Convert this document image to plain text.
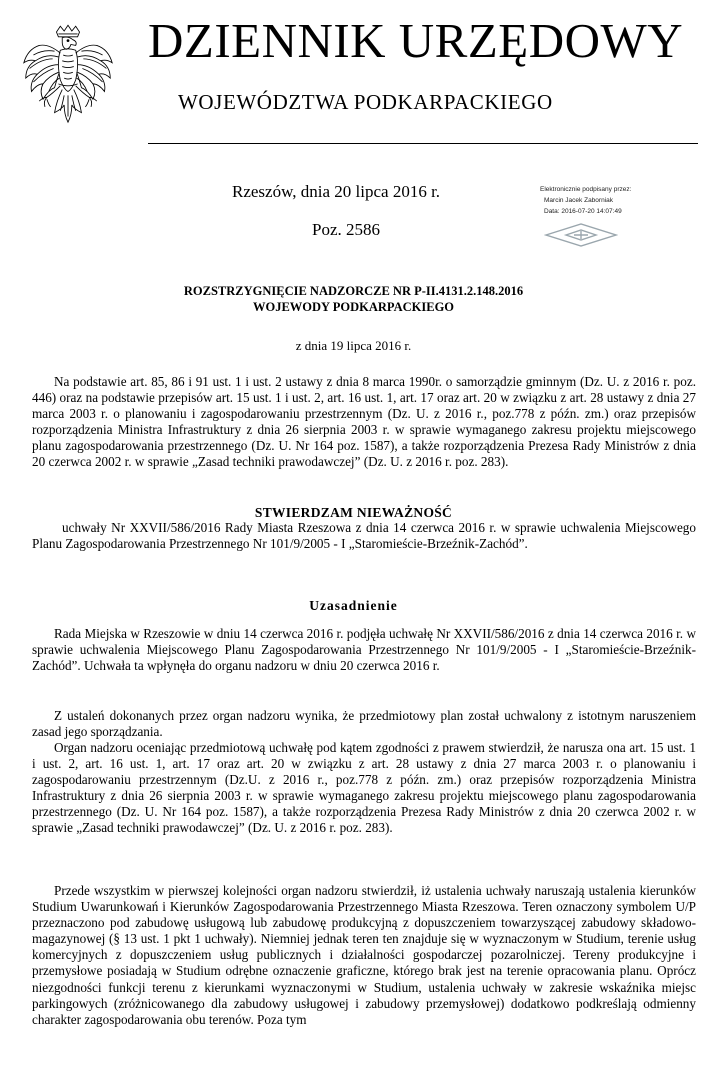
DZIENNIK URZĘDOWY
WOJEWÓDZTWA PODKARPACKIEGO
Rzeszów, dnia 20 lipca 2016 r.
Poz. 2586
Elektronicznie podpisany przez:
Marcin Jacek Zaborniak
Data: 2016-07-20 14:07:49
ROZSTRZYGNIĘCIE NADZORCZE NR P-II.4131.2.148.2016
WOJEWODY PODKARPACKIEGO
z dnia 19 lipca 2016 r.

Na podstawie art. 85, 86 i 91 ust. 1 i ust. 2 ustawy z dnia 8 marca 1990r. o samorządzie gminnym (Dz. U. z 2016 r. poz. 446) oraz na podstawie przepisów art. 15 ust. 1 i ust. 2, art. 16 ust. 1, art. 17 oraz art. 20 w związku z art. 28 ustawy z dnia 27 marca 2003 r. o planowaniu i zagospodarowaniu przestrzennym (Dz. U. z 2016 r., poz.778 z późn. zm.) oraz przepisów rozporządzenia Ministra Infrastruktury z dnia 26 sierpnia 2003 r. w sprawie wymaganego zakresu projektu miejscowego planu zagospodarowania przestrzennego (Dz. U. Nr 164 poz. 1587), a także rozporządzenia Prezesa Rady Ministrów z dnia 20 czerwca 2002 r. w sprawie „Zasad techniki prawodawczej” (Dz. U. z 2016 r. poz. 283).

STWIERDZAM NIEWAŻNOŚĆ

uchwały Nr XXVII/586/2016 Rady Miasta Rzeszowa z dnia 14 czerwca 2016 r. w sprawie uchwalenia Miejscowego Planu Zagospodarowania Przestrzennego Nr 101/9/2005 - I „Staromieście-Brzeźnik-Zachód”.

Uzasadnienie

Rada Miejska w Rzeszowie w dniu 14 czerwca 2016 r. podjęła uchwałę Nr XXVII/586/2016 z dnia 14 czerwca 2016 r. w sprawie uchwalenia Miejscowego Planu Zagospodarowania Przestrzennego Nr 101/9/2005 - I „Staromieście-Brzeźnik-Zachód”. Uchwała ta wpłynęła do organu nadzoru w dniu 20 czerwca 2016 r.

Z ustaleń dokonanych przez organ nadzoru wynika, że przedmiotowy plan został uchwalony z istotnym naruszeniem zasad jego sporządzania.

Organ nadzoru oceniając przedmiotową uchwałę pod kątem zgodności z prawem stwierdził, że narusza ona art. 15 ust. 1 i ust. 2, art. 16 ust. 1, art. 17 oraz art. 20 w związku z art. 28 ustawy z dnia 27 marca 2003 r. o planowaniu i zagospodarowaniu przestrzennym (Dz.U. z 2016 r., poz.778 z późn. zm.) oraz przepisów rozporządzenia Ministra Infrastruktury z dnia 26 sierpnia 2003 r. w sprawie wymaganego zakresu projektu miejscowego planu zagospodarowania przestrzennego (Dz. U. Nr 164 poz. 1587), a także rozporządzenia Prezesa Rady Ministrów z dnia 20 czerwca 2002 r. w sprawie „Zasad techniki prawodawczej” (Dz. U. z 2016 r. poz. 283).

Przede wszystkim w pierwszej kolejności organ nadzoru stwierdził, iż ustalenia uchwały naruszają ustalenia kierunków Studium Uwarunkowań i Kierunków Zagospodarowania Przestrzennego Miasta Rzeszowa. Teren oznaczony symbolem U/P przeznaczono pod zabudowę usługową lub zabudowę produkcyjną z dopuszczeniem towarzyszącej zabudowy składowo-magazynowej (§ 13 ust. 1 pkt 1 uchwały). Niemniej jednak teren ten znajduje się w wyznaczonym w Studium, terenie usług komercyjnych z dopuszczeniem usług publicznych i działalności gospodarczej pozarolniczej. Tereny produkcyjne i przemysłowe posiadają w Studium odrębne oznaczenie graficzne, którego brak jest na terenie opracowania planu. Oprócz niezgodności funkcji terenu z kierunkami wyznaczonymi w Studium, ustalenia uchwały w zakresie wskaźnika miejsc parkingowych (zróżnicowanego dla zabudowy usługowej i zabudowy przemysłowej) dodatkowo podkreślają odmienny charakter zagospodarowania obu terenów. Poza tym
